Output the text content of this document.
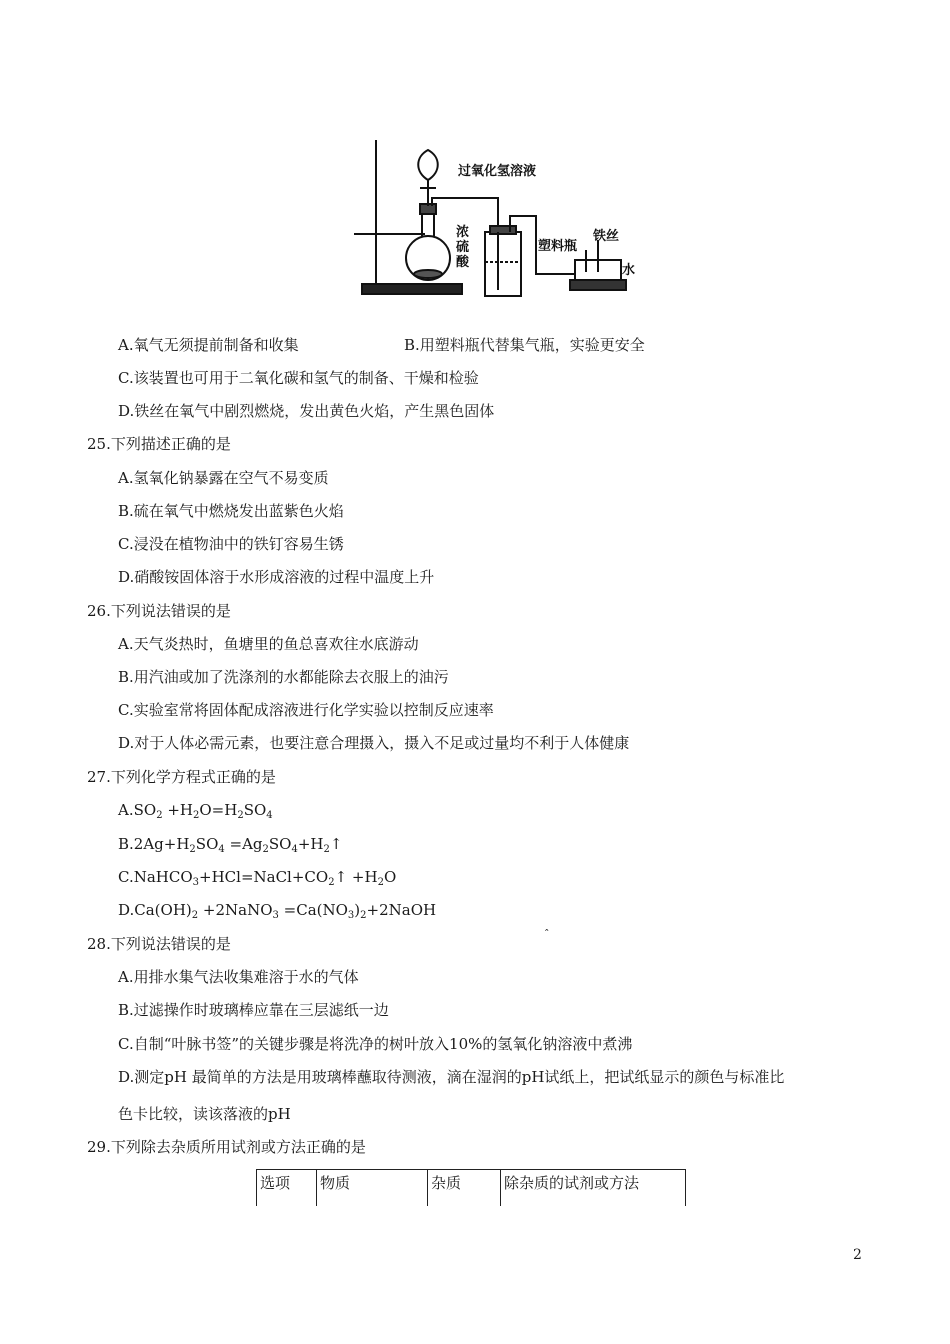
过氧化氢溶液
浓
硫
酸
塑料瓶
铁丝
水
A.氧气无须提前制备和收集	B.用塑料瓶代替集气瓶，实验更安全
C.该装置也可用于二氧化碳和氢气的制备、干燥和检验
D.铁丝在氧气中剧烈燃烧，发出黄色火焰，产生黑色固体
25.下列描述正确的是
A.氢氧化钠暴露在空气不易变质
B.硫在氧气中燃烧发出蓝紫色火焰
C.浸没在植物油中的铁钉容易生锈
D.硝酸铵固体溶于水形成溶液的过程中温度上升
26.下列说法错误的是
A.天气炎热时，鱼塘里的鱼总喜欢往水底游动
B.用汽油或加了洗涤剂的水都能除去衣服上的油污
C.实验室常将固体配成溶液进行化学实验以控制反应速率
D.对于人体必需元素，也要注意合理摄入，摄入不足或过量均不利于人体健康
27.下列化学方程式正确的是
$A.SO_2 +H_2O=H_2SO_4$
$B.2Ag+H_2SO_4$ $=Ag_2SO_4+H_2↑$
$C.NaHCO_3+HCl=NaCl+CO_2↑ +H_2O$
$D.Ca(OH)_2$ +2NaNO$_3$ $=Ca(NO_3)_2+2NaOH$
ˆ
28.下列说法错误的是
A.用排水集气法收集难溶于水的气体
B.过滤操作时玻璃棒应靠在三层滤纸一边
C.自制“叶脉书签”的关键步骤是将洗净的树叶放入10%的氢氧化钠溶液中煮沸
D.测定pH 最简单的方法是用玻璃棒蘸取待测液，滴在湿润的pH试纸上，把试纸显示的颜色与标准比
色卡比较，读该落液的pH
29.下列除去杂质所用试剂或方法正确的是
选项	物质	杂质	除杂质的试剂或方法
2
